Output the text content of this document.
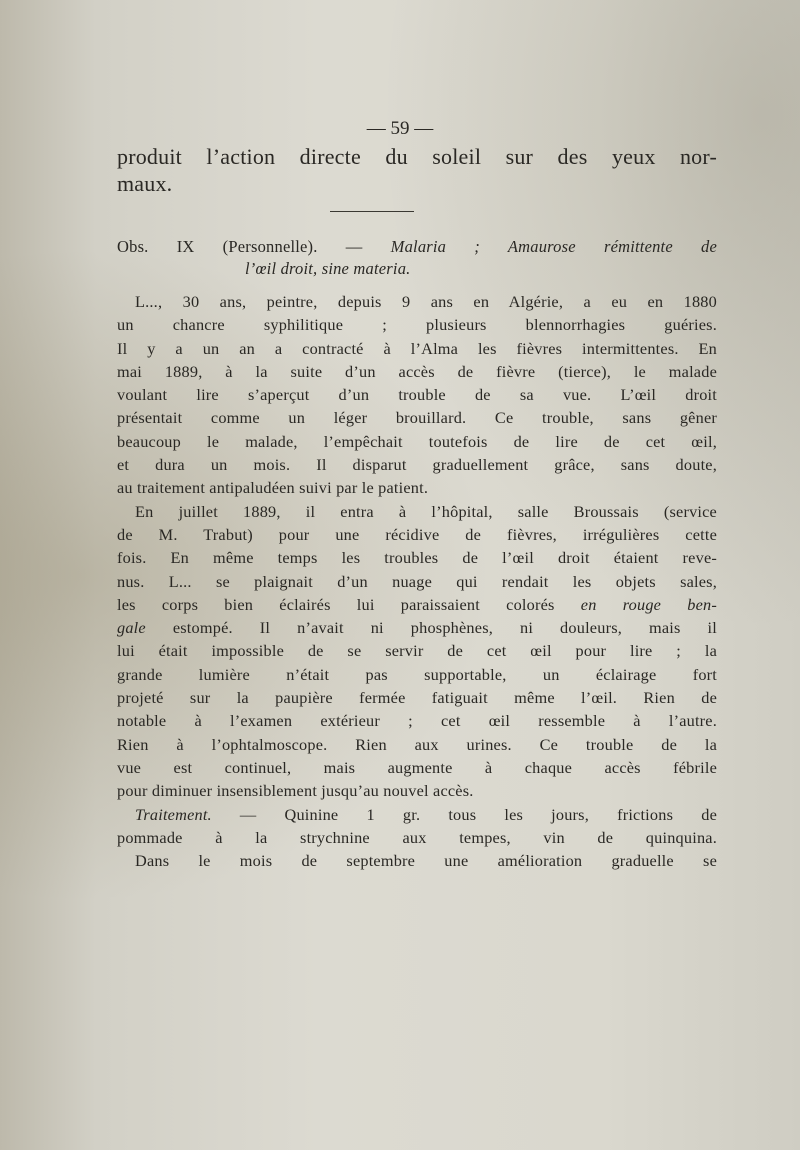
— 59 —
produit l’action directe du soleil sur des yeux nor-
maux.
Obs. IX (Personnelle). — Malaria ; Amaurose rémittente de
l’œil droit, sine materia.
L..., 30 ans, peintre, depuis 9 ans en Algérie, a eu en 1880
un chancre syphilitique ; plusieurs blennorrhagies guéries.
Il y a un an a contracté à l’Alma les fièvres intermittentes. En
mai 1889, à la suite d’un accès de fièvre (tierce), le malade
voulant lire s’aperçut d’un trouble de sa vue. L’œil droit
présentait comme un léger brouillard. Ce trouble, sans gêner
beaucoup le malade, l’empêchait toutefois de lire de cet œil,
et dura un mois. Il disparut graduellement grâce, sans doute,
au traitement antipaludéen suivi par le patient.
En juillet 1889, il entra à l’hôpital, salle Broussais (service
de M. Trabut) pour une récidive de fièvres, irrégulières cette
fois. En même temps les troubles de l’œil droit étaient reve-
nus. L... se plaignait d’un nuage qui rendait les objets sales,
les corps bien éclairés lui paraissaient colorés en rouge ben-
gale estompé. Il n’avait ni phosphènes, ni douleurs, mais il
lui était impossible de se servir de cet œil pour lire ; la
grande lumière n’était pas supportable, un éclairage fort
projeté sur la paupière fermée fatiguait même l’œil. Rien de
notable à l’examen extérieur ; cet œil ressemble à l’autre.
Rien à l’ophtalmoscope. Rien aux urines. Ce trouble de la
vue est continuel, mais augmente à chaque accès fébrile
pour diminuer insensiblement jusqu’au nouvel accès.
Traitement. — Quinine 1 gr. tous les jours, frictions de
pommade à la strychnine aux tempes, vin de quinquina.
Dans le mois de septembre une amélioration graduelle se
